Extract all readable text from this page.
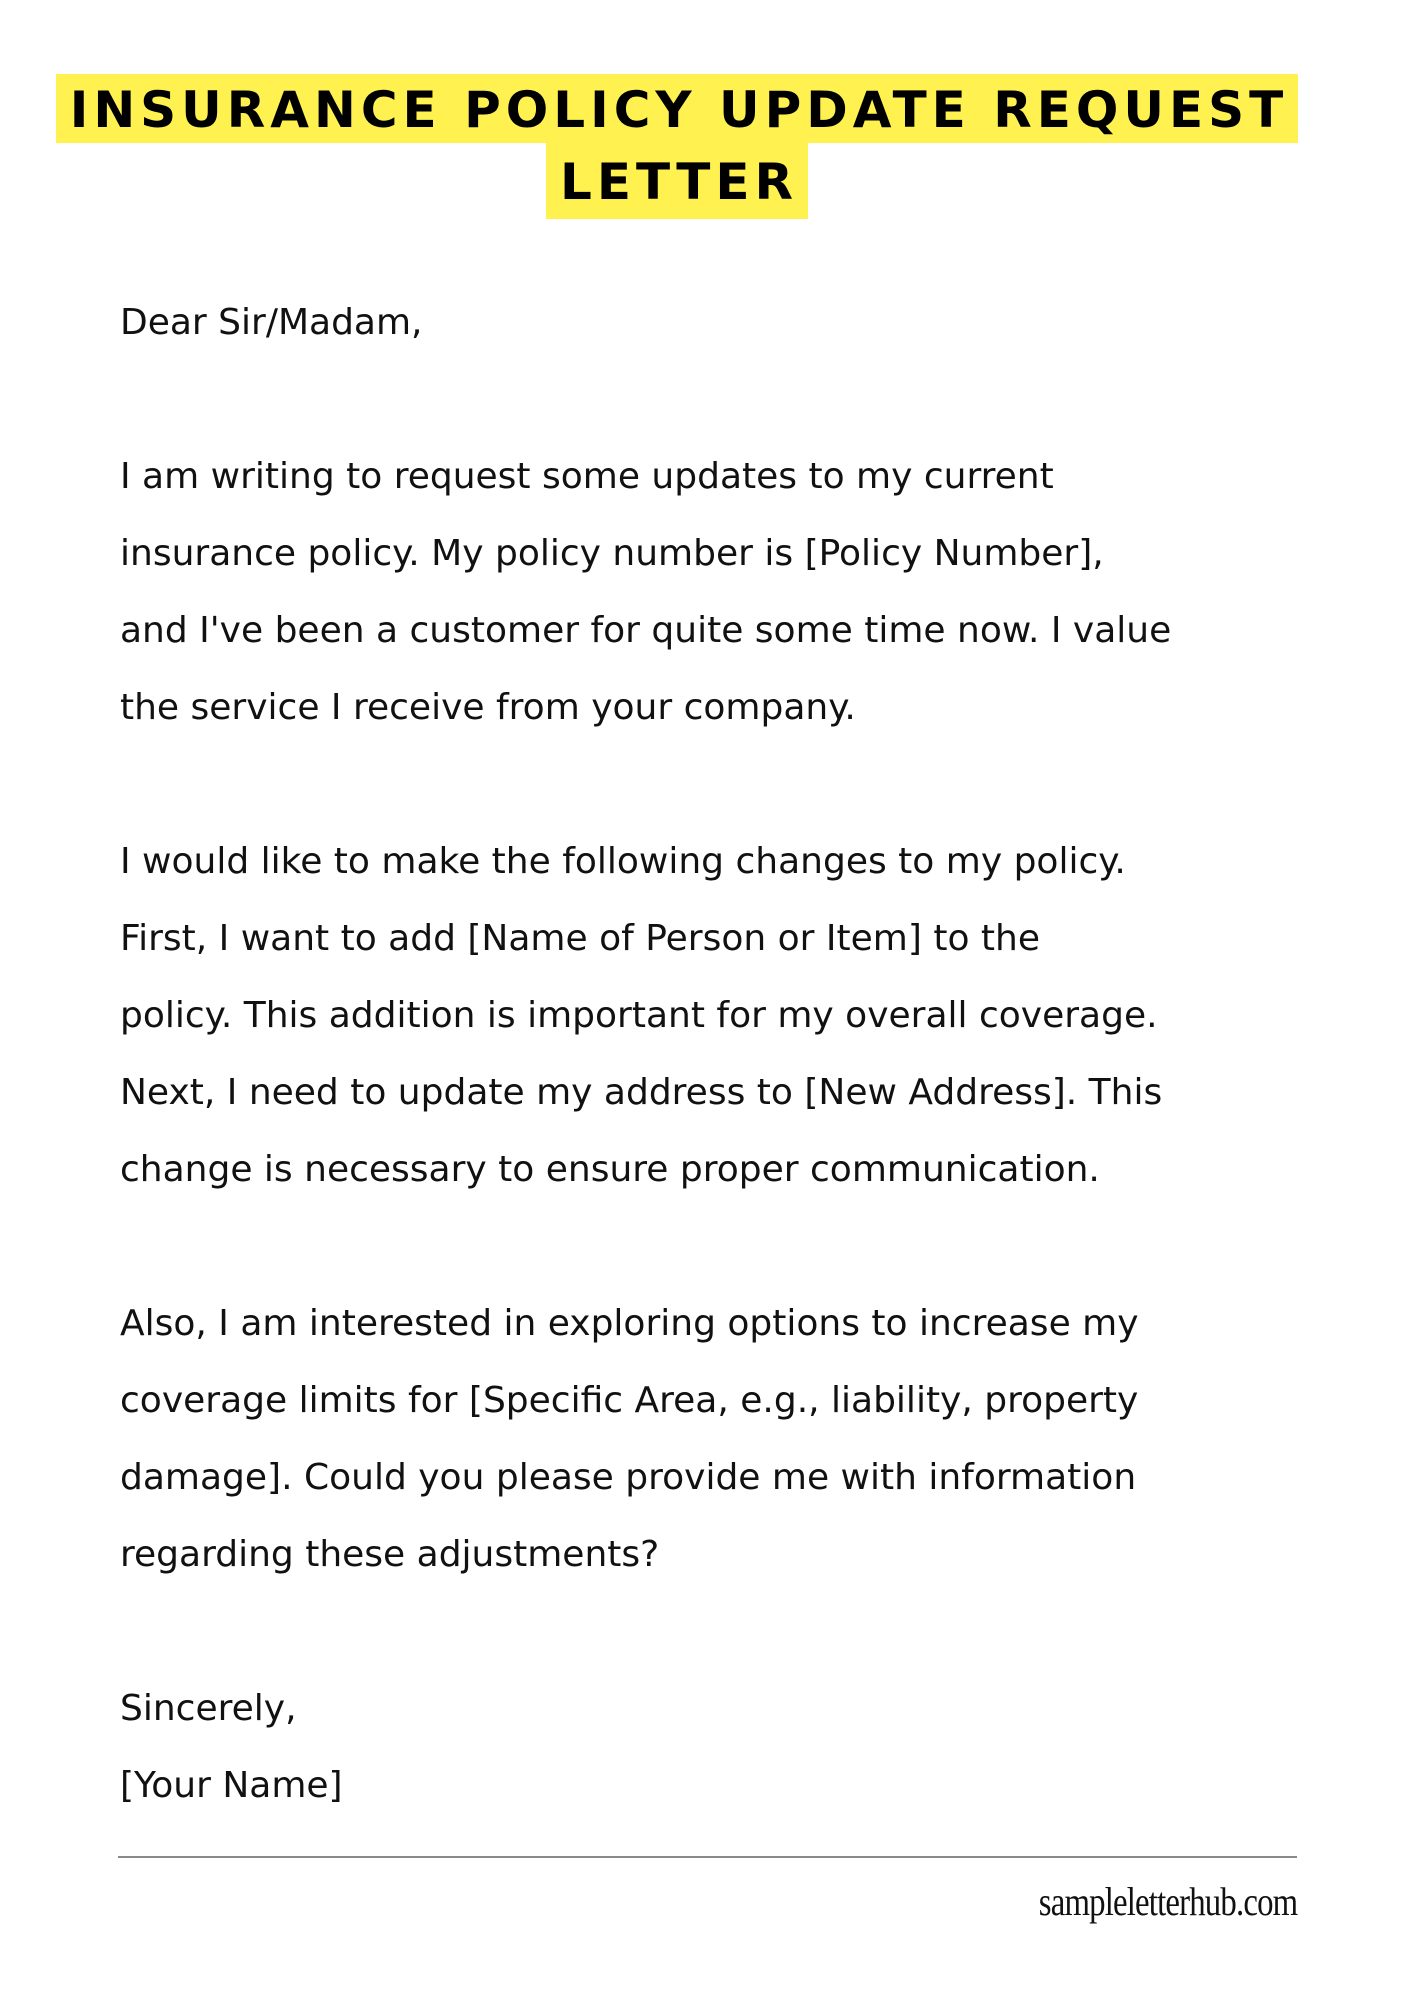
INSURANCE POLICY UPDATE REQUEST
LETTER
Dear Sir/Madam,
I am writing to request some updates to my current
insurance policy. My policy number is [Policy Number],
and I've been a customer for quite some time now. I value
the service I receive from your company.
I would like to make the following changes to my policy.
First, I want to add [Name of Person or Item] to the
policy. This addition is important for my overall coverage.
Next, I need to update my address to [New Address]. This
change is necessary to ensure proper communication.
Also, I am interested in exploring options to increase my
coverage limits for [Specific Area, e.g., liability, property
damage]. Could you please provide me with information
regarding these adjustments?
Sincerely,
[Your Name]
sampleletterhub.com
